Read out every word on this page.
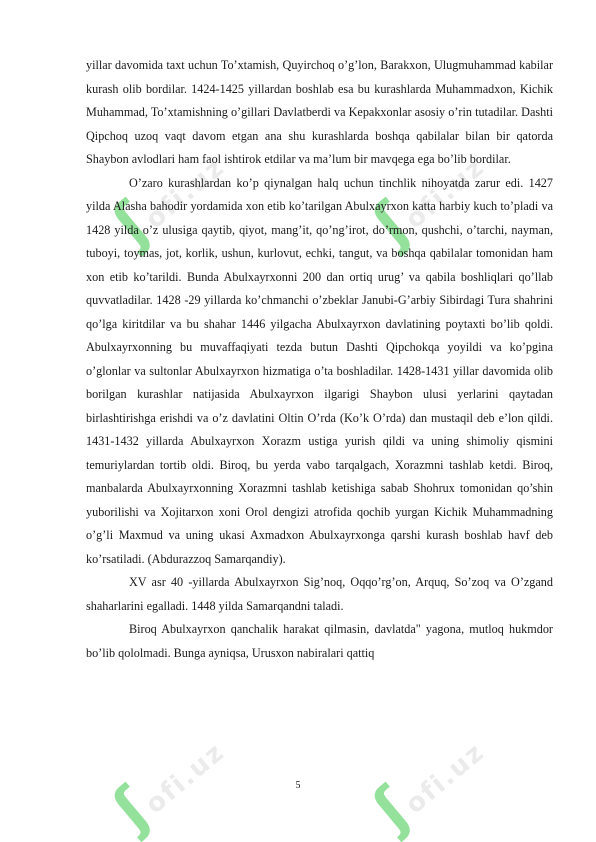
ʃofi.uz ʃofi.uz
ʃofi.uz ʃofi.uz

yillar davomida taxt uchun To’xtamish, Quyirchoq o’g’lon, Barakxon, Ulugmuhammad kabilar kurash olib bordilar. 1424-1425 yillardan boshlab esa bu kurashlarda Muhammadxon, Kichik Muhammad, To’xtamishning o’gillari Davlatberdi va Kepakxonlar asosiy o’rin tutadilar. Dashti Qipchoq uzoq vaqt davom etgan ana shu kurashlarda boshqa qabilalar bilan bir qatorda Shaybon avlodlari ham faol ishtirok etdilar va ma’lum bir mavqega ega bo’lib bordilar.

O’zaro kurashlardan ko’p qiynalgan halq uchun tinchlik nihoyatda zarur edi. 1427 yilda Alasha bahodir yordamida xon etib ko’tarilgan Abulxayrxon katta harbiy kuch to’pladi va 1428 yilda o’z ulusiga qaytib, qiyot, mang’it, qo’ng’irot, do’rmon, qushchi, o’tarchi, nayman, tuboyi, toymas, jot, korlik, ushun, kurlovut, echki, tangut, va boshqa qabilalar tomonidan ham xon etib ko’tarildi. Bunda Abulxayrxonni 200 dan ortiq urug’ va qabila boshliqlari qo’llab quvvatladilar. 1428 -29 yillarda ko’chmanchi o’zbeklar Janubi-G’arbiy Sibirdagi Tura shahrini qo’lga kiritdilar va bu shahar 1446 yilgacha Abulxayrxon davlatining poytaxti bo’lib qoldi. Abulxayrxonning bu muvaffaqiyati tezda butun Dashti Qipchokqa yoyildi va ko’pgina o’glonlar va sultonlar Abulxayrxon hizmatiga o’ta boshladilar. 1428-1431 yillar davomida olib borilgan kurashlar natijasida Abulxayrxon ilgarigi Shaybon ulusi yerlarini qaytadan birlashtirishga erishdi va o’z davlatini Oltin O’rda (Ko’k O’rda) dan mustaqil deb e’lon qildi. 1431-1432 yillarda Abulxayrxon Xorazm ustiga yurish qildi va uning shimoliy qismini temuriylardan tortib oldi. Biroq, bu yerda vabo tarqalgach, Xorazmni tashlab ketdi. Biroq, manbalarda Abulxayrxonning Xorazmni tashlab ketishiga sabab Shohrux tomonidan qo’shin yuborilishi va Xojitarxon xoni Orol dengizi atrofida qochib yurgan Kichik Muhammadning o’g’li Maxmud va uning ukasi Axmadxon Abulxayrxonga qarshi kurash boshlab havf deb ko’rsatiladi. (Abdurazzoq Samarqandiy).

XV asr 40 -yillarda Abulxayrxon Sig’noq, Oqqo’rg’on, Arquq, So’zoq va O’zgand shaharlarini egalladi. 1448 yilda Samarqandni taladi.

Biroq Abulxayrxon qanchalik harakat qilmasin, davlatda" yagona, mutloq hukmdor bo’lib qololmadi. Bunga ayniqsa, Urusxon nabiralari qattiq

5
